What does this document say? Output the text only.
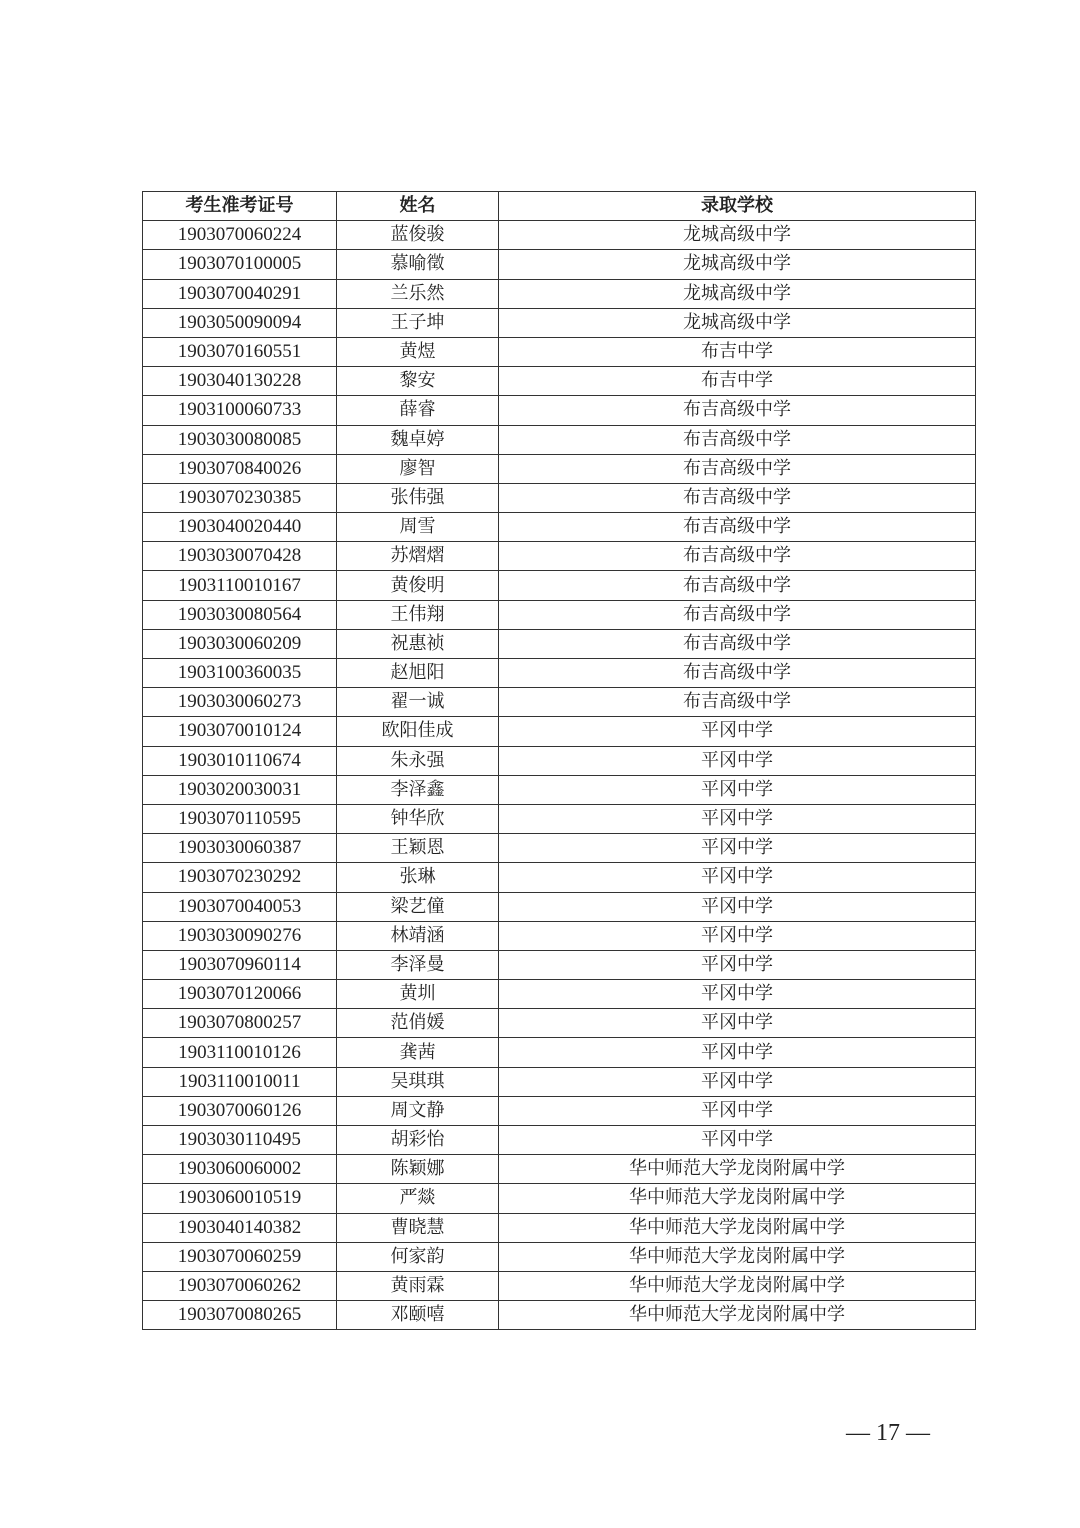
考生准考证号	姓名	录取学校
1903070060224	蓝俊骏	龙城高级中学
1903070100005	慕喻徵	龙城高级中学
1903070040291	兰乐然	龙城高级中学
1903050090094	王子坤	龙城高级中学
1903070160551	黄煜	布吉中学
1903040130228	黎安	布吉中学
1903100060733	薛睿	布吉高级中学
1903030080085	魏卓婷	布吉高级中学
1903070840026	廖智	布吉高级中学
1903070230385	张伟强	布吉高级中学
1903040020440	周雪	布吉高级中学
1903030070428	苏熠熠	布吉高级中学
1903110010167	黄俊明	布吉高级中学
1903030080564	王伟翔	布吉高级中学
1903030060209	祝惠祯	布吉高级中学
1903100360035	赵旭阳	布吉高级中学
1903030060273	翟一诚	布吉高级中学
1903070010124	欧阳佳成	平冈中学
1903010110674	朱永强	平冈中学
1903020030031	李泽鑫	平冈中学
1903070110595	钟华欣	平冈中学
1903030060387	王颖恩	平冈中学
1903070230292	张琳	平冈中学
1903070040053	梁艺僮	平冈中学
1903030090276	林靖涵	平冈中学
1903070960114	李泽曼	平冈中学
1903070120066	黄圳	平冈中学
1903070800257	范俏媛	平冈中学
1903110010126	龚茜	平冈中学
1903110010011	吴琪琪	平冈中学
1903070060126	周文静	平冈中学
1903030110495	胡彩怡	平冈中学
1903060060002	陈颖娜	华中师范大学龙岗附属中学
1903060010519	严燚	华中师范大学龙岗附属中学
1903040140382	曹晓慧	华中师范大学龙岗附属中学
1903070060259	何家韵	华中师范大学龙岗附属中学
1903070060262	黄雨霖	华中师范大学龙岗附属中学
1903070080265	邓颐嘻	华中师范大学龙岗附属中学
— 17 —
